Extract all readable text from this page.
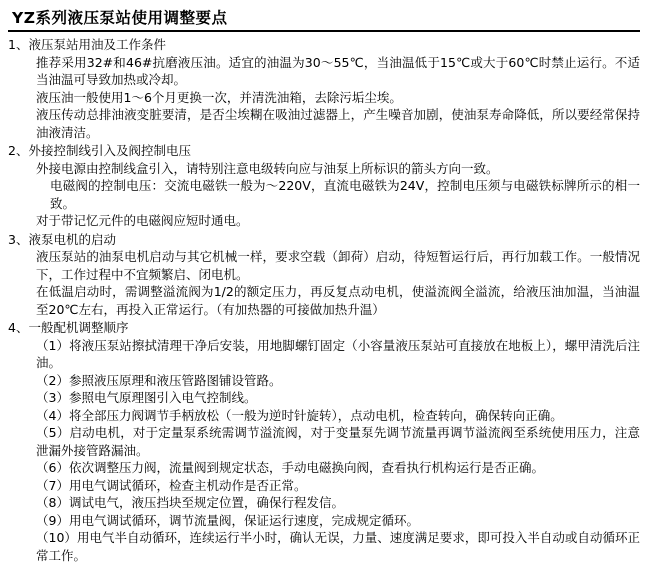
YZ系列液压泵站使用调整要点
1、液压泵站用油及工作条件
推荐采用32#和46#抗磨液压油。适宜的油温为30～55℃，当油温低于15℃或大于60℃时禁止运行。不适当油温可导致加热或冷却。
液压油一般使用1～6个月更换一次，并清洗油箱，去除污垢尘埃。
液压传动总排油液变脏要清，是否尘埃糊在吸油过滤器上，产生噪音加剧，使油泵寿命降低，所以要经常保持油液清洁。
2、外接控制线引入及阀控制电压
外接电源由控制线盒引入，请特别注意电级转向应与油泵上所标识的箭头方向一致。
电磁阀的控制电压：交流电磁铁一般为～220V，直流电磁铁为24V，控制电压须与电磁铁标牌所示的相一致。
对于带记忆元件的电磁阀应短时通电。
3、液泵电机的启动
液压泵站的油泵电机启动与其它机械一样，要求空载（卸荷）启动，待短暂运行后，再行加载工作。一般情况下，工作过程中不宜频繁启、闭电机。
在低温启动时，需调整溢流阀为1/2的额定压力，再反复点动电机，使溢流阀全溢流，给液压油加温，当油温至20℃左右，再投入正常运行。（有加热器的可接做加热升温）
4、一般配机调整顺序
（1）将液压泵站擦拭清理干净后安装，用地脚螺钉固定（小容量液压泵站可直接放在地板上），螺甲清洗后注油。
（2）参照液压原理和液压管路图铺设管路。
（3）参照电气原理图引入电气控制线。
（4）将全部压力阀调节手柄放松（一般为逆时针旋转），点动电机，检查转向，确保转向正确。
（5）启动电机，对于定量泵系统需调节溢流阀，对于变量泵先调节流量再调节溢流阀至系统使用压力，注意泄漏外接管路漏油。
（6）依次调整压力阀，流量阀到规定状态，手动电磁换向阀，查看执行机构运行是否正确。
（7）用电气调试循环，检查主机动作是否正常。
（8）调试电气，液压挡块至规定位置，确保行程发信。
（9）用电气调试循环，调节流量阀，保证运行速度，完成规定循环。
（10）用电气半自动循环，连续运行半小时，确认无误，力量、速度满足要求，即可投入半自动或自动循环正常工作。
